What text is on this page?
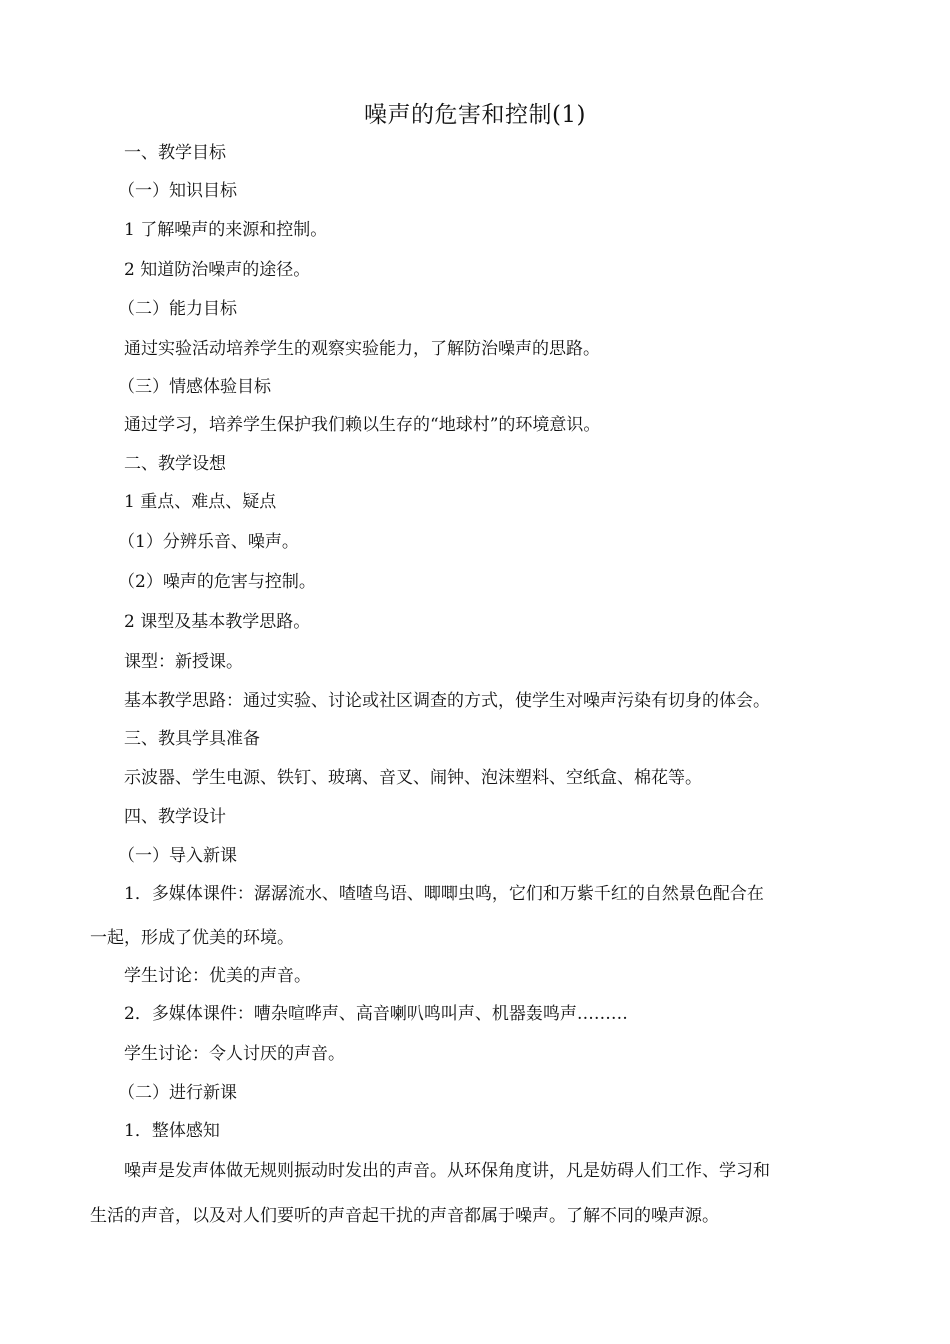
噪声的危害和控制(1)
一、教学目标
（一）知识目标
1 了解噪声的来源和控制。
2 知道防治噪声的途径。
（二）能力目标
通过实验活动培养学生的观察实验能力，了解防治噪声的思路。
（三）情感体验目标
通过学习，培养学生保护我们赖以生存的“地球村”的环境意识。
二、教学设想
1 重点、难点、疑点
（1）分辨乐音、噪声。
（2）噪声的危害与控制。
2 课型及基本教学思路。
课型：新授课。
基本教学思路：通过实验、讨论或社区调查的方式，使学生对噪声污染有切身的体会。
三、教具学具准备
示波器、学生电源、铁钉、玻璃、音叉、闹钟、泡沫塑料、空纸盒、棉花等。
四、教学设计
（一）导入新课
1．多媒体课件：潺潺流水、喳喳鸟语、唧唧虫鸣，它们和万紫千红的自然景色配合在
一起，形成了优美的环境。
学生讨论：优美的声音。
2．多媒体课件：嘈杂喧哗声、高音喇叭鸣叫声、机器轰鸣声………
学生讨论：令人讨厌的声音。
（二）进行新课
1．整体感知
噪声是发声体做无规则振动时发出的声音。从环保角度讲，凡是妨碍人们工作、学习和
生活的声音，以及对人们要听的声音起干扰的声音都属于噪声。了解不同的噪声源。
